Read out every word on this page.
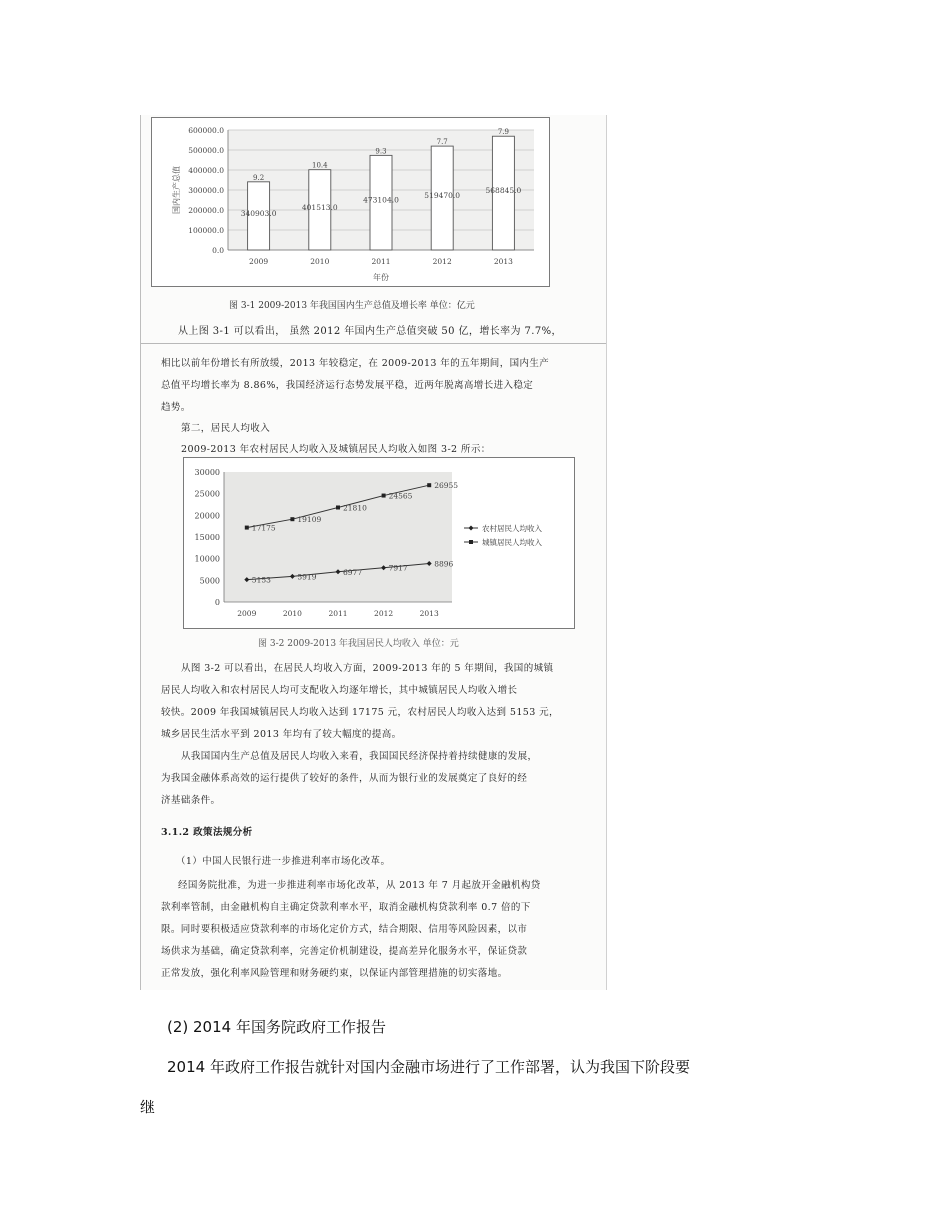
0.0
100000.0
200000.0
300000.0
400000.0
500000.0
600000.0
9.2
340903.0
2009
10.4
401513.0
2010
9.3
473104.0
2011
7.7
519470.0
2012
7.9
568845.0
2013
国内生产总值
年份
图 3-1 2009-2013 年我国国内生产总值及增长率 单位：亿元
从上图 3-1 可以看出， 虽然 2012 年国内生产总值突破 50 亿，增长率为 7.7%，
相比以前年份增长有所放缓，2013 年较稳定，在 2009-2013 年的五年期间，国内生产
总值平均增长率为 8.86%，我国经济运行态势发展平稳，近两年脱离高增长进入稳定
趋势。
第二，居民人均收入
2009-2013 年农村居民人均收入及城镇居民人均收入如图 3-2 所示：
0
5000
10000
15000
20000
25000
30000
2009	2010	2011	2012	2013
5153	5919
6977	7917	8896
17175
19109
21810
24565
26955
农村居民人均收入
城镇居民人均收入
图 3-2 2009-2013 年我国居民人均收入 单位：元
从图 3-2 可以看出，在居民人均收入方面，2009-2013 年的 5 年期间，我国的城镇
居民人均收入和农村居民人均可支配收入均逐年增长，其中城镇居民人均收入增长
较快。2009 年我国城镇居民人均收入达到 17175 元，农村居民人均收入达到 5153 元，
城乡居民生活水平到 2013 年均有了较大幅度的提高。
从我国国内生产总值及居民人均收入来看，我国国民经济保持着持续健康的发展，
为我国金融体系高效的运行提供了较好的条件，从而为银行业的发展奠定了良好的经
济基础条件。
3.1.2 政策法规分析
（1）中国人民银行进一步推进利率市场化改革。
经国务院批准，为进一步推进利率市场化改革，从 2013 年 7 月起放开金融机构贷
款利率管制，由金融机构自主确定贷款利率水平，取消金融机构贷款利率 0.7 倍的下
限。同时要积极适应贷款利率的市场化定价方式，结合期限、信用等风险因素，以市
场供求为基础，确定贷款利率，完善定价机制建设，提高差异化服务水平，保证贷款
正常发放，强化利率风险管理和财务硬约束，以保证内部管理措施的切实落地。
(2) 2014 年国务院政府工作报告
2014 年政府工作报告就针对国内金融市场进行了工作部署，认为我国下阶段要
继
